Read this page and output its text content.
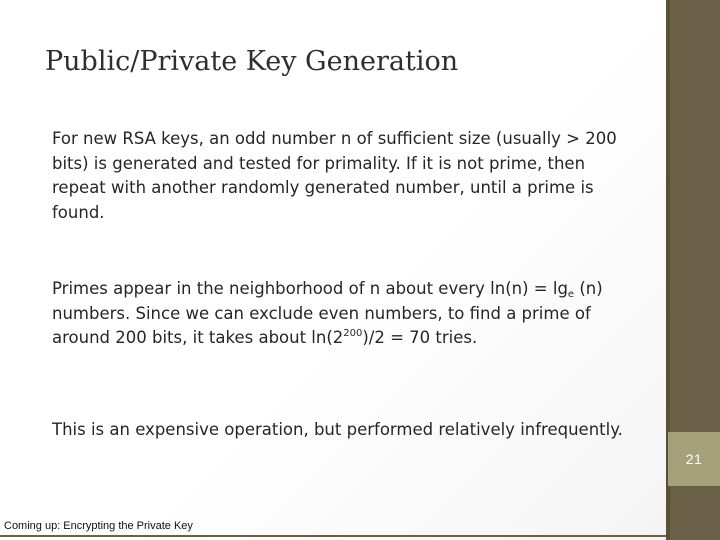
21
Public/Private Key Generation

For new RSA keys, an odd number n of sufficient size (usually > 200 bits) is generated and tested for primality. If it is not prime, then repeat with another randomly generated number, until a prime is found.

Primes appear in the neighborhood of n about every $\ln(n) = \lg_e (n)$ numbers. Since we can exclude even numbers, to find a prime of around 200 bits, it takes about $\ln(2^{200})/2 = 70$ tries.

This is an expensive operation, but performed relatively infrequently.

Coming up: Encrypting the Private Key
